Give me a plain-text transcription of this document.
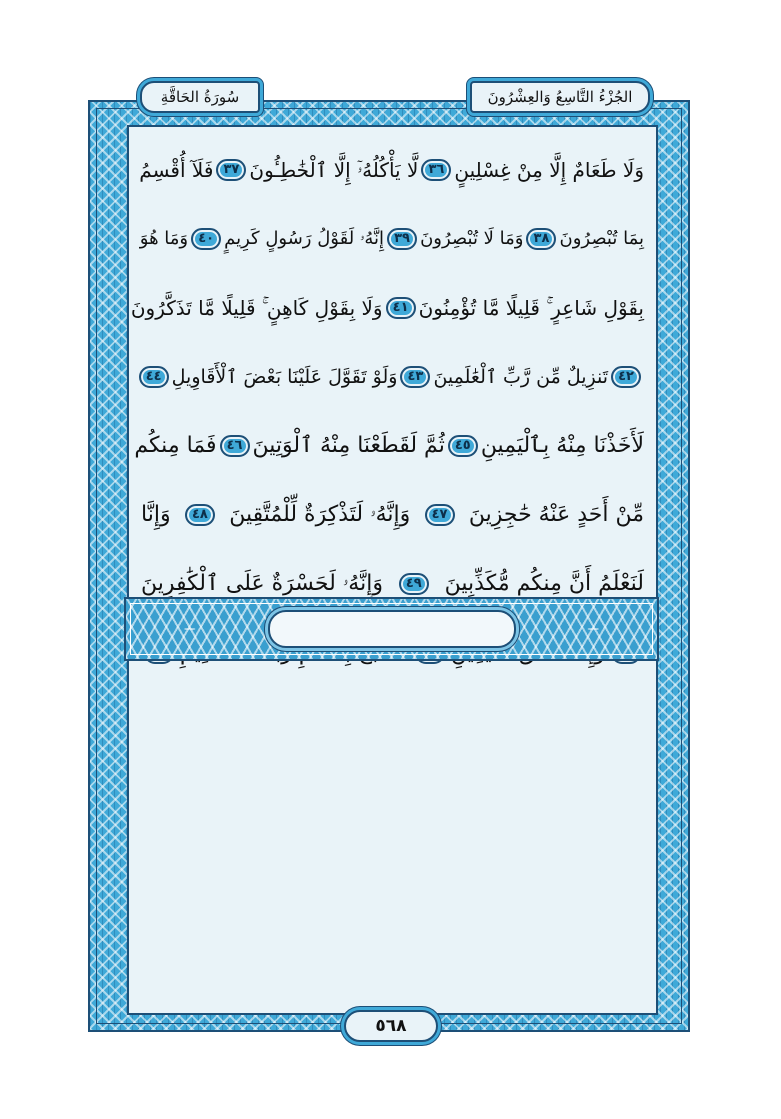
سُورَةُ الحَاقَّةِ	الجُزْءُ التَّاسِعُ وَالعِشْرُونَ
وَلَا طَعَامٌ إِلَّا مِنْ غِسْلِينٍ
٣٦
لَّا يَأْكُلُهُۥٓ إِلَّا ٱلْخَٰطِـُٔونَ
٣٧
فَلَآ أُقْسِمُ
بِمَا تُبْصِرُونَ
٣٨
وَمَا لَا تُبْصِرُونَ
٣٩
إِنَّهُۥ لَقَوْلُ رَسُولٍ كَرِيمٍ
٤٠
وَمَا هُوَ
بِقَوْلِ شَاعِرٍ ۚ قَلِيلًا مَّا تُؤْمِنُونَ
٤١
وَلَا بِقَوْلِ كَاهِنٍ ۚ قَلِيلًا مَّا تَذَكَّرُونَ
٤٢
تَنزِيلٌ مِّن رَّبِّ ٱلْعَٰلَمِينَ
٤٣
وَلَوْ تَقَوَّلَ عَلَيْنَا بَعْضَ ٱلْأَقَاوِيلِ
٤٤
لَأَخَذْنَا مِنْهُ بِٱلْيَمِينِ
٤٥
ثُمَّ لَقَطَعْنَا مِنْهُ ٱلْوَتِينَ
٤٦
فَمَا مِنكُم
مِّنْ أَحَدٍ عَنْهُ حَٰجِزِينَ
٤٧
وَإِنَّهُۥ لَتَذْكِرَةٌ لِّلْمُتَّقِينَ
٤٨
وَإِنَّا
لَنَعْلَمُ أَنَّ مِنكُم مُّكَذِّبِينَ
٤٩
وَإِنَّهُۥ لَحَسْرَةٌ عَلَى ٱلْكَٰفِرِينَ
٥٦٨
